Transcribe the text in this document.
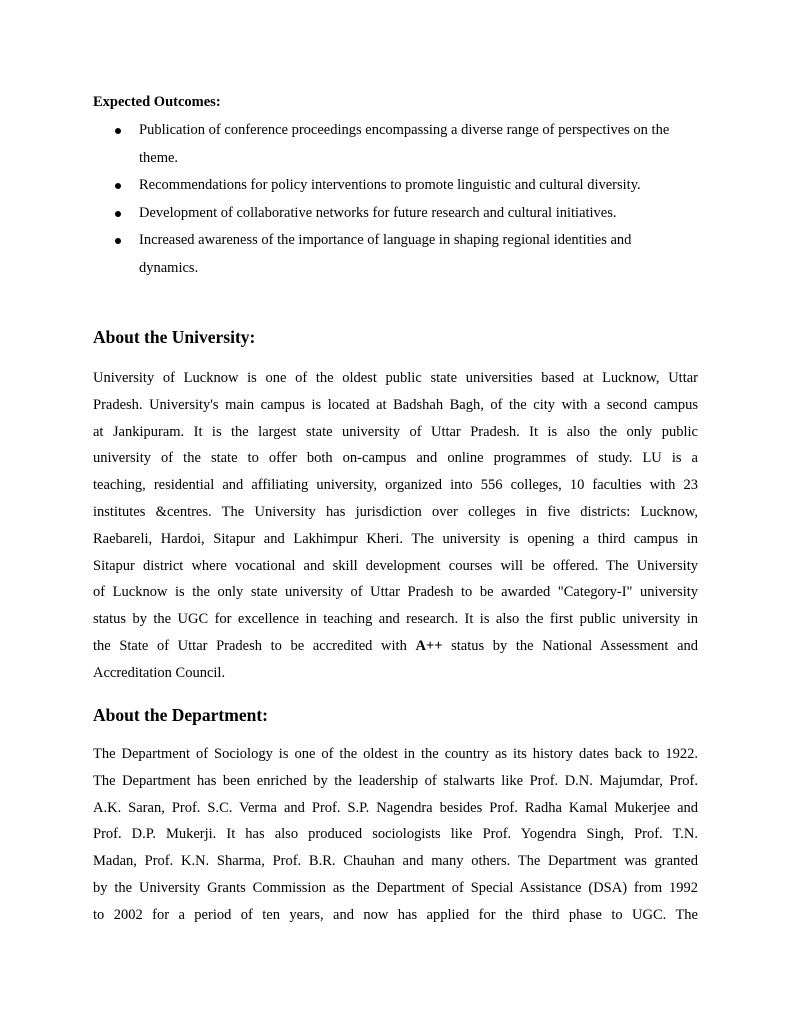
Expected Outcomes:

Publication of conference proceedings encompassing a diverse range of perspectives on the theme.
Recommendations for policy interventions to promote linguistic and cultural diversity.
Development of collaborative networks for future research and cultural initiatives.
Increased awareness of the importance of language in shaping regional identities and dynamics.
About the University:
University of Lucknow is one of the oldest public state universities based at Lucknow, Uttar
Pradesh. University's main campus is located at Badshah Bagh, of the city with a second campus
at Jankipuram. It is the largest state university of Uttar Pradesh. It is also the only public
university of the state to offer both on-campus and online programmes of study. LU is a
teaching, residential and affiliating university, organized into 556 colleges, 10 faculties with 23
institutes &centres. The University has jurisdiction over colleges in five districts: Lucknow,
Raebareli, Hardoi, Sitapur and Lakhimpur Kheri. The university is opening a third campus in
Sitapur district where vocational and skill development courses will be offered. The University
of Lucknow is the only state university of Uttar Pradesh to be awarded "Category-I" university
status by the UGC for excellence in teaching and research. It is also the first public university in
the State of Uttar Pradesh to be accredited with A++ status by the National Assessment and
Accreditation Council.
About the Department:
The Department of Sociology is one of the oldest in the country as its history dates back to 1922.
The Department has been enriched by the leadership of stalwarts like Prof. D.N. Majumdar, Prof.
A.K. Saran, Prof. S.C. Verma and Prof. S.P. Nagendra besides Prof. Radha Kamal Mukerjee and
Prof. D.P. Mukerji. It has also produced sociologists like Prof. Yogendra Singh, Prof. T.N.
Madan, Prof. K.N. Sharma, Prof. B.R. Chauhan and many others. The Department was granted
by the University Grants Commission as the Department of Special Assistance (DSA) from 1992
to 2002 for a period of ten years, and now has applied for the third phase to UGC. The
